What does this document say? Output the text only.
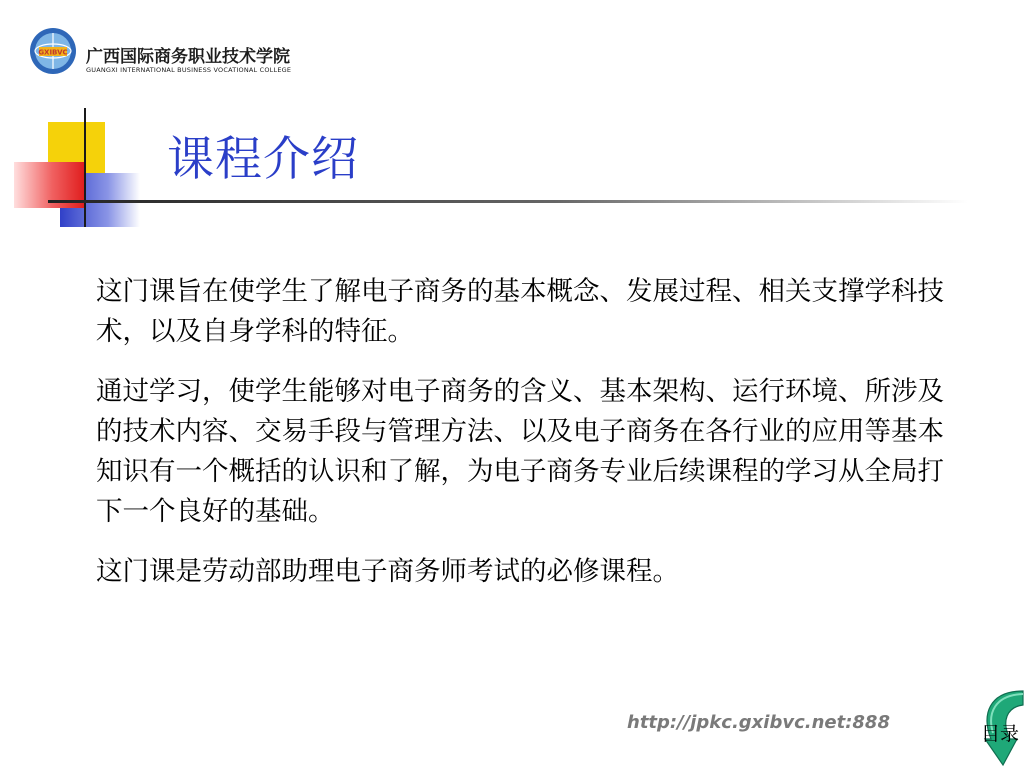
GXIBVC 广西国际商务职业技术学院
GUANGXI INTERNATIONAL BUSINESS VOCATIONAL COLLEGE
课程介绍

这门课旨在使学生了解电子商务的基本概念、发展过程、相关支撑学科技术，以及自身学科的特征。

通过学习，使学生能够对电子商务的含义、基本架构、运行环境、所涉及的技术内容、交易手段与管理方法、以及电子商务在各行业的应用等基本知识有一个概括的认识和了解，为电子商务专业后续课程的学习从全局打下一个良好的基础。

这门课是劳动部助理电子商务师考试的必修课程。

http://jpkc.gxibvc.net:888
目录
